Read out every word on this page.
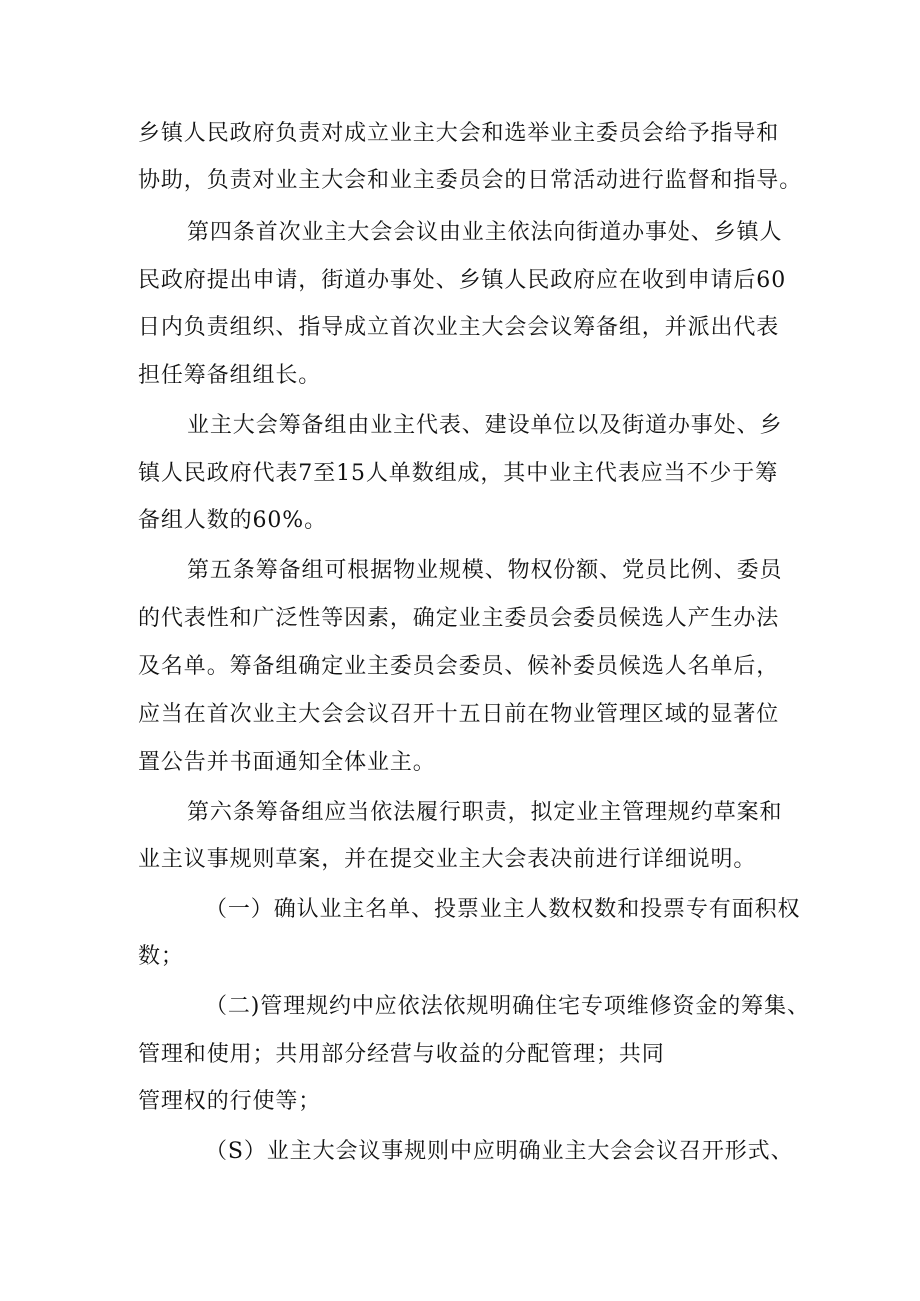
乡镇人民政府负责对成立业主大会和选举业主委员会给予指导和
协助，负责对业主大会和业主委员会的日常活动进行监督和指导。
第四条首次业主大会会议由业主依法向街道办事处、乡镇人
民政府提出申请，街道办事处、乡镇人民政府应在收到申请后60
日内负责组织、指导成立首次业主大会会议筹备组，并派出代表
担任筹备组组长。
业主大会筹备组由业主代表、建设单位以及街道办事处、乡
镇人民政府代表7至15人单数组成，其中业主代表应当不少于筹
备组人数的60%。
第五条筹备组可根据物业规模、物权份额、党员比例、委员
的代表性和广泛性等因素，确定业主委员会委员候选人产生办法
及名单。筹备组确定业主委员会委员、候补委员候选人名单后，
应当在首次业主大会会议召开十五日前在物业管理区域的显著位
置公告并书面通知全体业主。
第六条筹备组应当依法履行职责，拟定业主管理规约草案和
业主议事规则草案，并在提交业主大会表决前进行详细说明。
（一）确认业主名单、投票业主人数权数和投票专有面积权
数；
（二)管理规约中应依法依规明确住宅专项维修资金的筹集、
管理和使用；共用部分经营与收益的分配管理；共同
管理权的行使等；
（S）业主大会议事规则中应明确业主大会会议召开形式、
